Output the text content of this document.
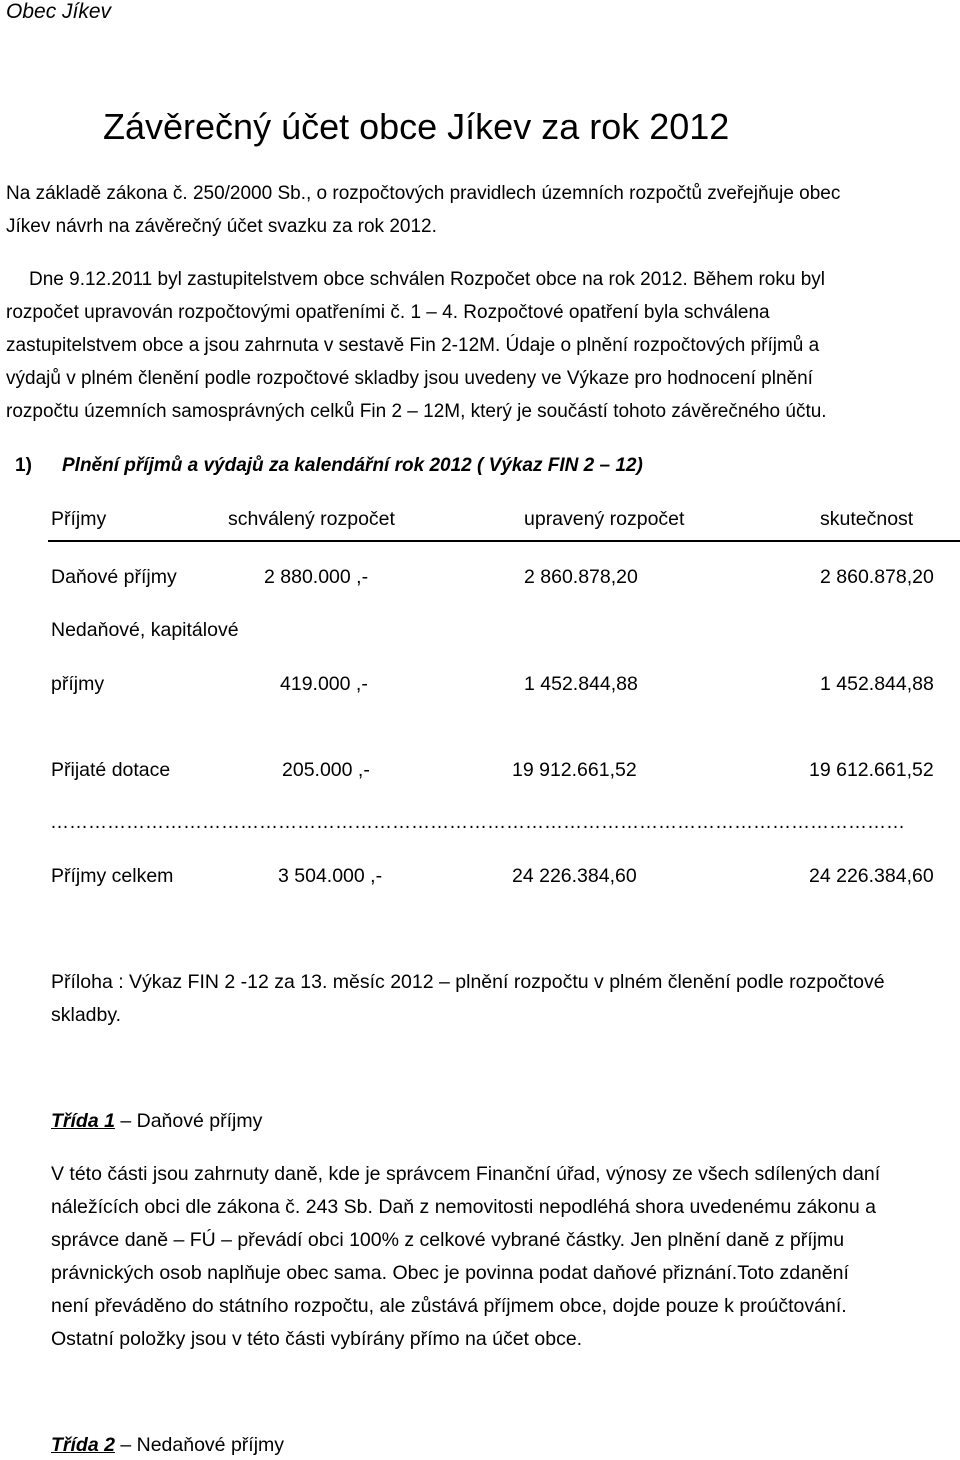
Obec Jíkev
Závěrečný účet obce Jíkev za rok 2012
Na základě zákona č. 250/2000 Sb., o rozpočtových pravidlech územních rozpočtů zveřejňuje obec
Jíkev návrh na závěrečný účet svazku za rok 2012.
Dne 9.12.2011 byl zastupitelstvem obce schválen Rozpočet obce na rok 2012. Během roku byl
rozpočet upravován rozpočtovými opatřeními č. 1 – 4. Rozpočtové opatření byla schválena
zastupitelstvem obce a jsou zahrnuta v sestavě Fin 2-12M. Údaje o plnění rozpočtových příjmů a
výdajů v plném členění podle rozpočtové skladby jsou uvedeny ve Výkaze pro hodnocení plnění
rozpočtu územních samosprávných celků Fin 2 – 12M, který je součástí tohoto závěrečného účtu.
1) Plnění příjmů a výdajů za kalendářní rok 2012 ( Výkaz FIN 2 – 12)
Příjmy	schválený rozpočet	upravený rozpočet	skutečnost
Daňové příjmy	2 880.000 ,-	2 860.878,20	2 860.878,20
Nedaňové, kapitálové
příjmy	419.000 ,-	1 452.844,88	1 452.844,88
Přijaté dotace	205.000 ,-	19 912.661,52	19 612.661,52
………………………………………………………………………………………………………………………
Příjmy celkem	3 504.000 ,-	24 226.384,60	24 226.384,60
Příloha : Výkaz FIN 2 -12 za 13. měsíc 2012 – plnění rozpočtu v plném členění podle rozpočtové
skladby.
Třída 1 – Daňové příjmy
V této části jsou zahrnuty daně, kde je správcem Finanční úřad, výnosy ze všech sdílených daní
náležících obci dle zákona č. 243 Sb. Daň z nemovitosti nepodléhá shora uvedenému zákonu a
správce daně – FÚ – převádí obci 100% z celkové vybrané částky. Jen plnění daně z příjmu
právnických osob naplňuje obec sama. Obec je povinna podat daňové přiznání.Toto zdanění
není převáděno do státního rozpočtu, ale zůstává příjmem obce, dojde pouze k proúčtování.
Ostatní položky jsou v této části vybírány přímo na účet obce.
Třída 2 – Nedaňové příjmy
